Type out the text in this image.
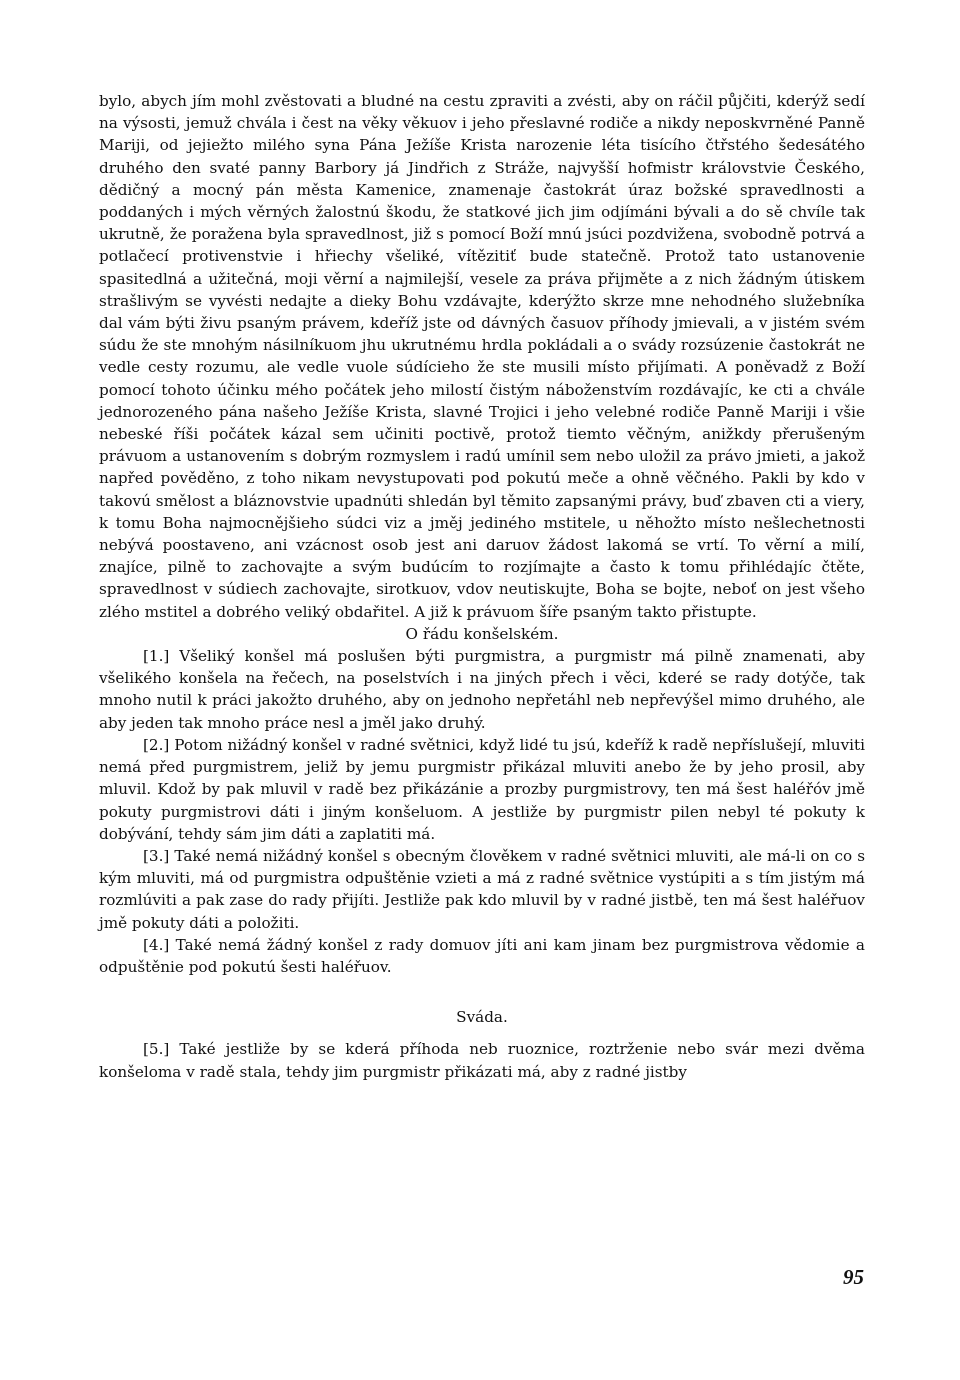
bylo, abych jím mohl zvěstovati a bludné na cestu zpraviti a zvésti, aby on ráčil půjčiti, kderýž sedí na výsosti, jemuž chvála i čest na věky věkuov i jeho přeslavné rodiče a nikdy neposkvrněné Panně Mariji, od jejiežto milého syna Pána Ježíše Krista narozenie léta tisícího čtřstého šedesátého druhého den svaté panny Barbory já Jindřich z Stráže, najvyšší hofmistr královstvie Českého, dědičný a mocný pán města Kamenice, znamenaje častokrát úraz božské spravedlnosti a poddaných i mých věrných žalostnú škodu, že statkové jich jim odjímáni bývali a do sě chvíle tak ukrutně, že poražena byla spravedlnost, již s pomocí Boží mnú jsúci pozdvižena, svobodně potrvá a potlačecí protivenstvie i hřiechy všeliké, vítězitiť bude statečně. Protož tato ustanovenie spasitedlná a užitečná, moji věrní a najmilejší, vesele za práva přijměte a z nich žádným útiskem strašlivým se vyvésti nedajte a dieky Bohu vzdávajte, kderýžto skrze mne nehodného služebníka dal vám býti živu psaným právem, kdeříž jste od dávných časuov příhody jmievali, a v jistém svém súdu že ste mnohým násilníkuom jhu ukrutnému hrdla pokládali a o svády rozsúzenie častokrát ne vedle cesty rozumu, ale vedle vuole súdícieho že ste musili místo přijímati. A poněvadž z Boží pomocí tohoto účinku mého počátek jeho milostí čistým náboženstvím rozdávajíc, ke cti a chvále jednorozeného pána našeho Ježíše Krista, slavné Trojici i jeho velebné rodiče Panně Mariji i všie nebeské říši počátek kázal sem učiniti poctivě, protož tiemto věčným, anižkdy přerušeným právuom a ustanovením s dobrým rozmyslem i radú umínil sem nebo uložil za právo jmieti, a jakož napřed pověděno, z toho nikam nevystupovati pod pokutú meče a ohně věčného. Pakli by kdo v takovú smělost a bláznovstvie upadnúti shledán byl těmito zapsanými právy, buď zbaven cti a viery, k tomu Boha najmocnějšieho súdci viz a jměj jediného mstitele, u něhožto místo nešlechetnosti nebývá poostaveno, ani vzácnost osob jest ani daruov žádost lakomá se vrtí. To věrní a milí, znajíce, pilně to zachovajte a svým budúcím to rozjímajte a často k tomu přihlédajíc čtěte, spravedlnost v súdiech zachovajte, sirotkuov, vdov neutiskujte, Boha se bojte, neboť on jest všeho zlého mstitel a dobrého veliký obdařitel. A již k právuom šíře psaným takto přistupte.

O řádu konšelském.

[1.] Všeliký konšel má poslušen býti purgmistra, a purgmistr má pilně znamenati, aby všelikého konšela na řečech, na poselstvích i na jiných přech i věci, kderé se rady dotýče, tak mnoho nutil k práci jakožto druhého, aby on jednoho nepřetáhl neb nepřevýšel mimo druhého, ale aby jeden tak mnoho práce nesl a jměl jako druhý.

[2.] Potom nižádný konšel v radné světnici, když lidé tu jsú, kdeříž k radě nepříslušejí, mluviti nemá před purgmistrem, jeliž by jemu purgmistr přikázal mluviti anebo že by jeho prosil, aby mluvil. Kdož by pak mluvil v radě bez přikázánie a prozby purgmistrovy, ten má šest haléřóv jmě pokuty purgmistrovi dáti i jiným konšeluom. A jestliže by purgmistr pilen nebyl té pokuty k dobývání, tehdy sám jim dáti a zaplatiti má.

[3.] Také nemá nižádný konšel s obecným člověkem v radné světnici mluviti, ale má-li on co s kým mluviti, má od purgmistra odpuštěnie vzieti a má z radné světnice vystúpiti a s tím jistým má rozmlúviti a pak zase do rady přijíti. Jestliže pak kdo mluvil by v radné jistbě, ten má šest haléřuov jmě pokuty dáti a položiti.

[4.] Také nemá žádný konšel z rady domuov jíti ani kam jinam bez purgmistrova vědomie a odpuštěnie pod pokutú šesti haléřuov.

Sváda.

[5.] Také jestliže by se kderá příhoda neb ruoznice, roztrženie nebo svár mezi dvěma konšeloma v radě stala, tehdy jim purgmistr přikázati má, aby z radné jistby

95
